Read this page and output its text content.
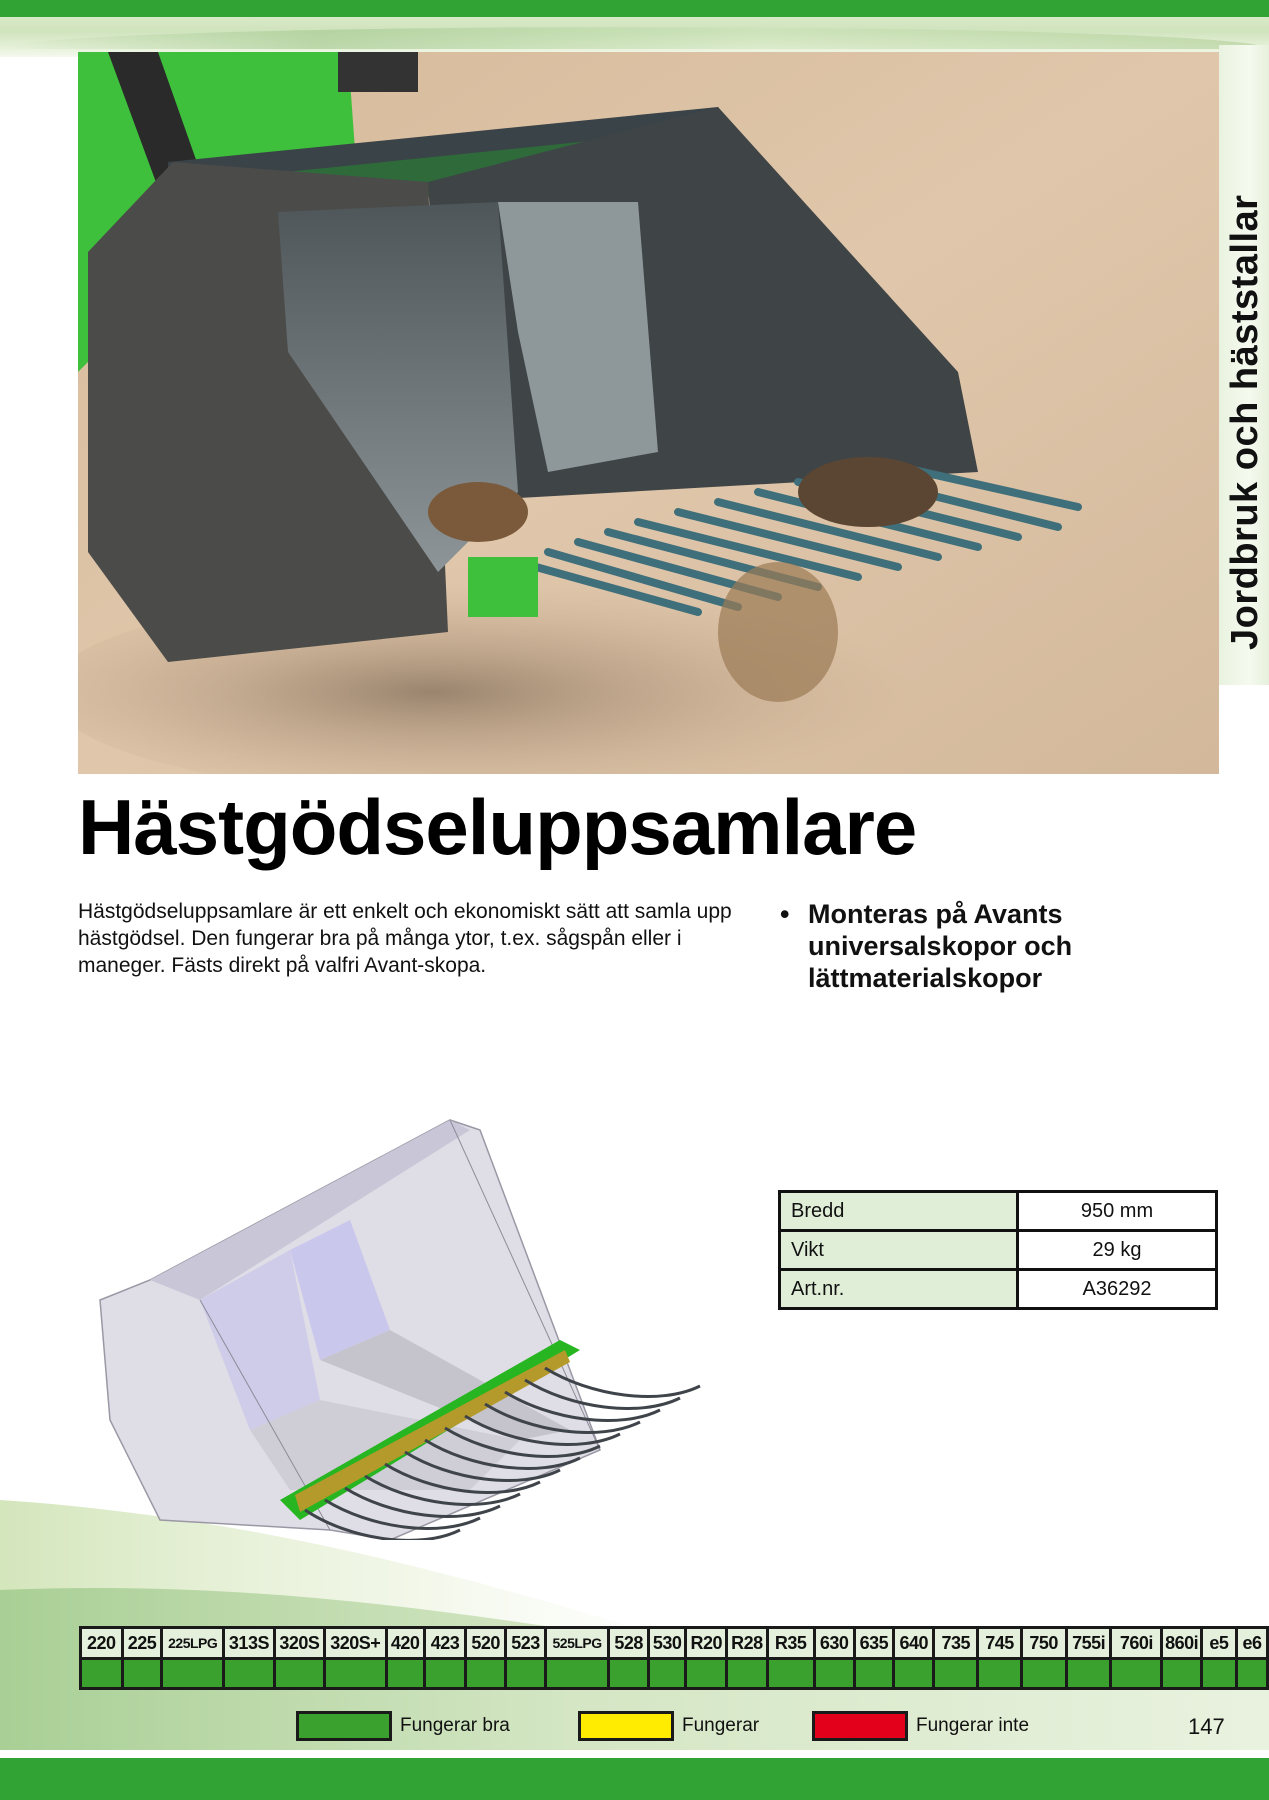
Jordbruk och häststallar
Hästgödseluppsamlare
Hästgödseluppsamlare är ett enkelt och ekonomiskt sätt att samla upp hästgödsel. Den fungerar bra på många ytor, t.ex. sågspån eller i maneger. Fästs direkt på valfri Avant-skopa.
• Monteras på Avants universalskopor och lättmaterialskopor
Bredd	950 mm
Vikt	29 kg
Art.nr.	A36292
220	225	225LPG	313S	320S	320S+	420	423	520	523	525LPG	528	530	R20	R28	R35	630	635	640	735	745	750	755i	760i	860i	e5	e6

Fungerar bra	Fungerar	Fungerar inte	147
